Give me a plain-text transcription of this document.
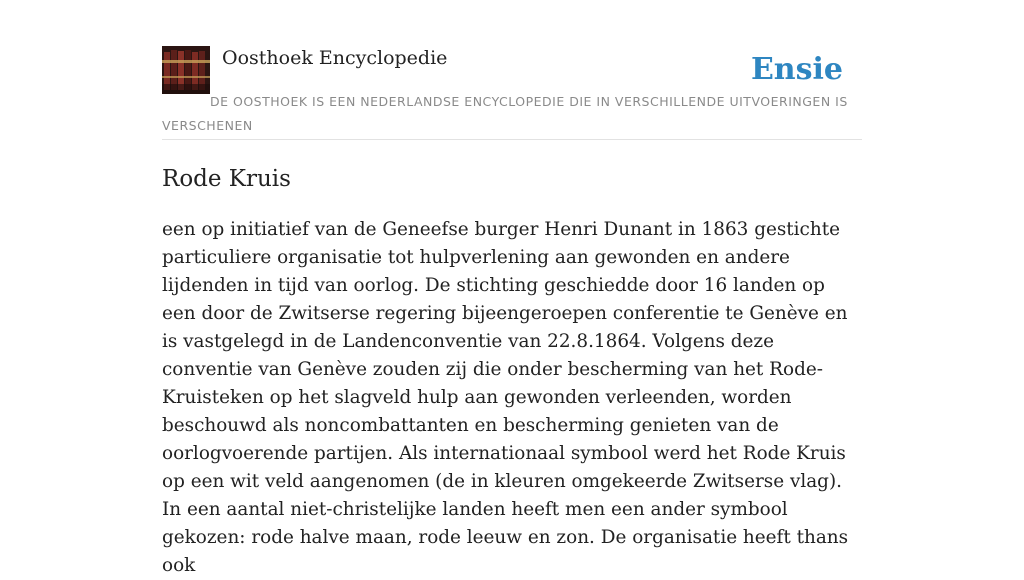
Oosthoek Encyclopedie	Ensie
DE OOSTHOEK IS EEN NEDERLANDSE ENCYCLOPEDIE DIE IN VERSCHILLENDE UITVOERINGEN IS VERSCHENEN
Rode Kruis

een op initiatief van de Geneefse burger Henri Dunant in 1863 gestichte particuliere organisatie tot hulpverlening aan gewonden en andere lijdenden in tijd van oorlog. De stichting geschiedde door 16 landen op een door de Zwitserse regering bijeengeroepen conferentie te Genève en is vastgelegd in de Landenconventie van 22.8.1864. Volgens deze conventie van Genève zouden zij die onder bescherming van het Rode-Kruisteken op het slagveld hulp aan gewonden verleenden, worden beschouwd als noncombattanten en bescherming genieten van de oorlogvoerende partijen. Als internationaal symbool werd het Rode Kruis op een wit veld aangenomen (de in kleuren omgekeerde Zwitserse vlag). In een aantal niet-christelijke landen heeft men een ander symbool gekozen: rode halve maan, rode leeuw en zon. De organisatie heeft thans ook
